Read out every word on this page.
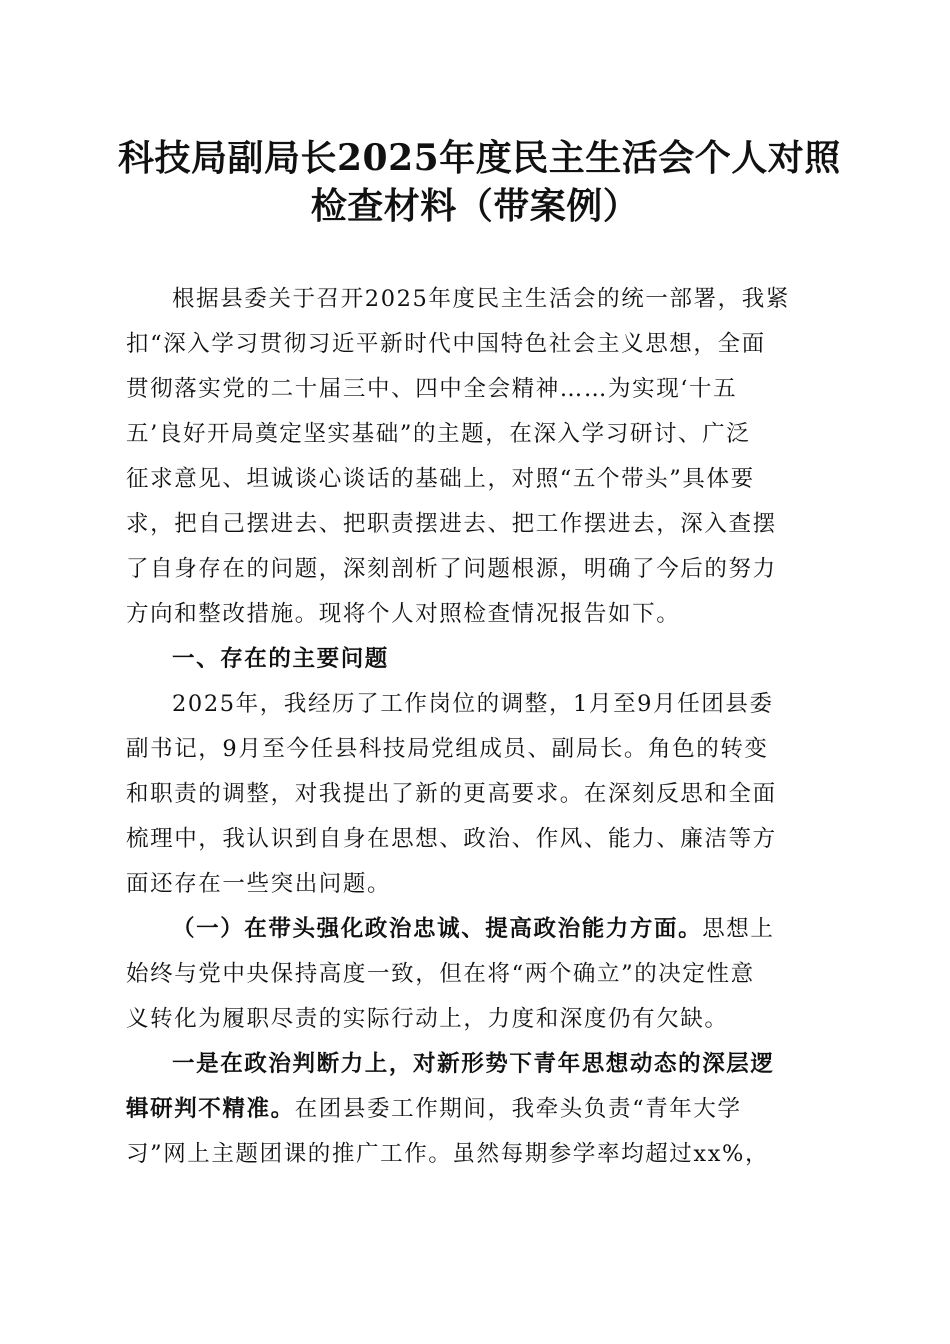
科技局副局长2025年度民主生活会个人对照
检查材料（带案例）
根据县委关于召开2025年度民主生活会的统一部署，我紧
扣“深入学习贯彻习近平新时代中国特色社会主义思想，全面
贯彻落实党的二十届三中、四中全会精神……为实现‘十五
五’良好开局奠定坚实基础”的主题，在深入学习研讨、广泛
征求意见、坦诚谈心谈话的基础上，对照“五个带头”具体要
求，把自己摆进去、把职责摆进去、把工作摆进去，深入查摆
了自身存在的问题，深刻剖析了问题根源，明确了今后的努力
方向和整改措施。现将个人对照检查情况报告如下。
一、存在的主要问题
2025年，我经历了工作岗位的调整，1月至9月任团县委
副书记，9月至今任县科技局党组成员、副局长。角色的转变
和职责的调整，对我提出了新的更高要求。在深刻反思和全面
梳理中，我认识到自身在思想、政治、作风、能力、廉洁等方
面还存在一些突出问题。
（一）在带头强化政治忠诚、提高政治能力方面。思想上
始终与党中央保持高度一致，但在将“两个确立”的决定性意
义转化为履职尽责的实际行动上，力度和深度仍有欠缺。
一是在政治判断力上，对新形势下青年思想动态的深层逻
辑研判不精准。在团县委工作期间，我牵头负责“青年大学
习”网上主题团课的推广工作。虽然每期参学率均超过xx%，
